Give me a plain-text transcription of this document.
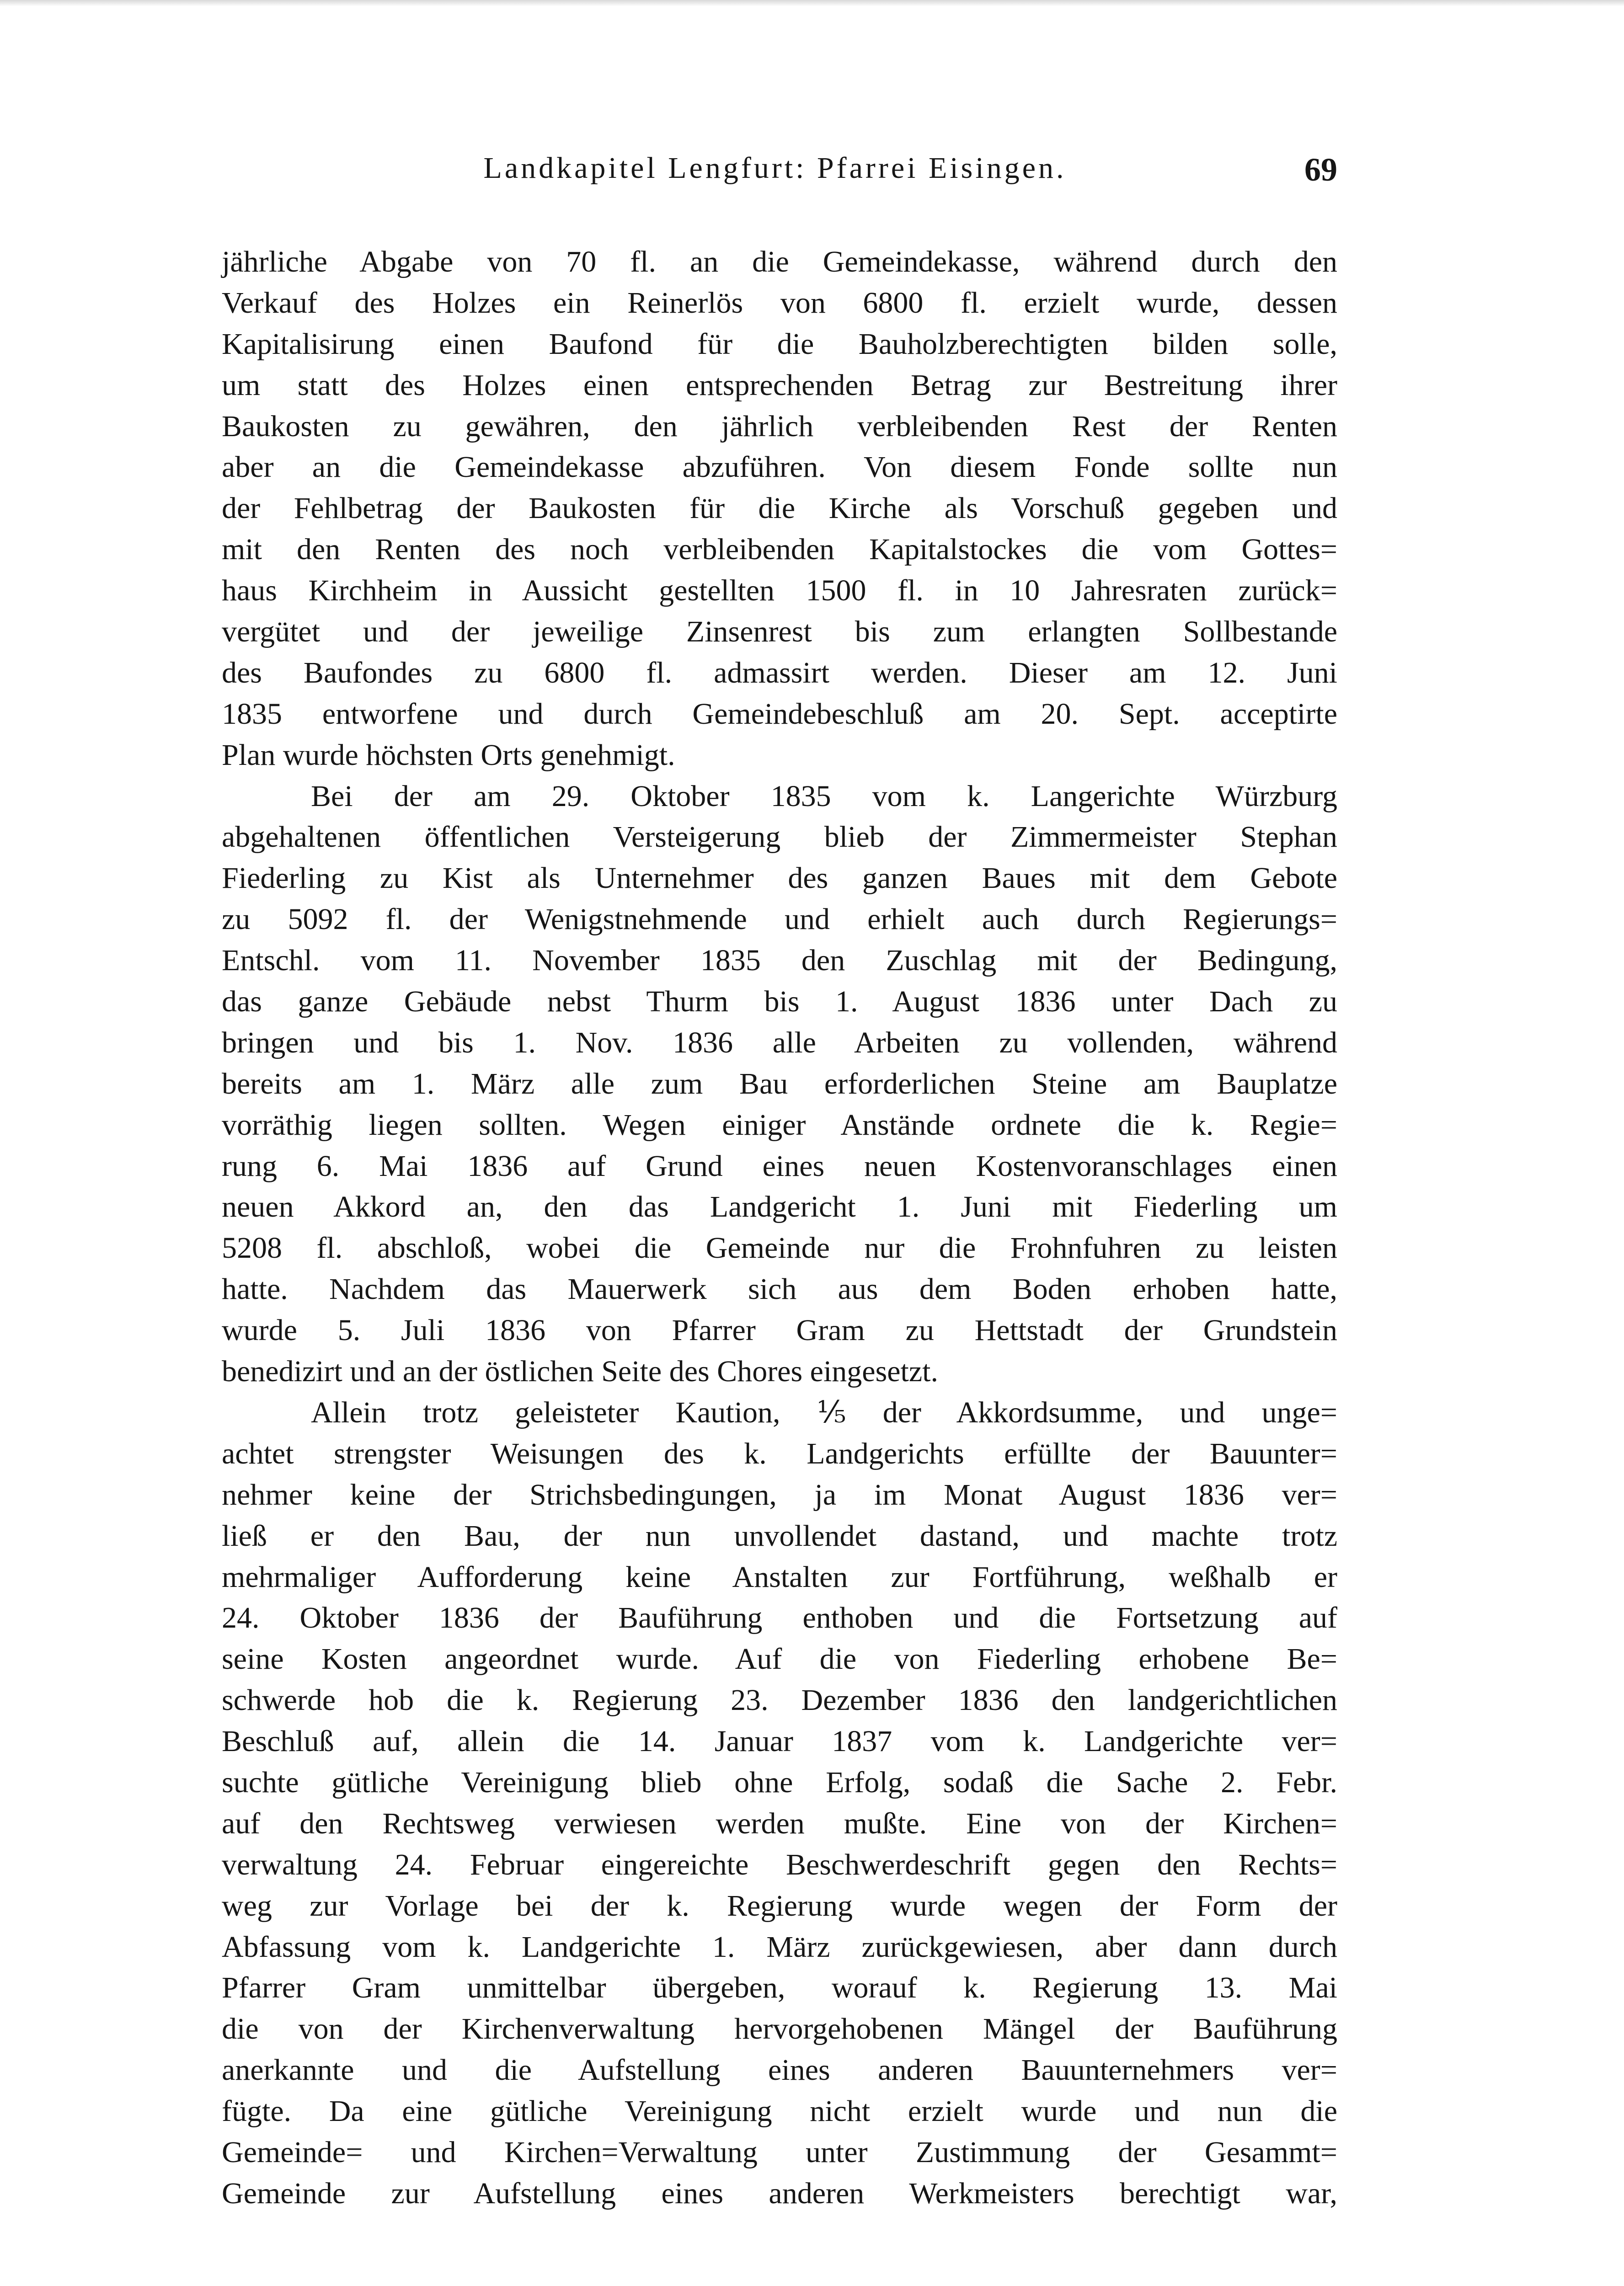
Landkapitel Lengfurt: Pfarrei Eisingen.	69
jährliche Abgabe von 70 fl. an die Gemeindekasse, während durch den
Verkauf des Holzes ein Reinerlös von 6800 fl. erzielt wurde, dessen
Kapitalisirung einen Baufond für die Bauholzberechtigten bilden solle,
um statt des Holzes einen entsprechenden Betrag zur Bestreitung ihrer
Baukosten zu gewähren, den jährlich verbleibenden Rest der Renten
aber an die Gemeindekasse abzuführen. Von diesem Fonde sollte nun
der Fehlbetrag der Baukosten für die Kirche als Vorschuß gegeben und
mit den Renten des noch verbleibenden Kapitalstockes die vom Gottes=
haus Kirchheim in Aussicht gestellten 1500 fl. in 10 Jahresraten zurück=
vergütet und der jeweilige Zinsenrest bis zum erlangten Sollbestande
des Baufondes zu 6800 fl. admassirt werden. Dieser am 12. Juni
1835 entworfene und durch Gemeindebeschluß am 20. Sept. acceptirte
Plan wurde höchsten Orts genehmigt.
Bei der am 29. Oktober 1835 vom k. Langerichte Würzburg
abgehaltenen öffentlichen Versteigerung blieb der Zimmermeister Stephan
Fiederling zu Kist als Unternehmer des ganzen Baues mit dem Gebote
zu 5092 fl. der Wenigstnehmende und erhielt auch durch Regierungs=
Entschl. vom 11. November 1835 den Zuschlag mit der Bedingung,
das ganze Gebäude nebst Thurm bis 1. August 1836 unter Dach zu
bringen und bis 1. Nov. 1836 alle Arbeiten zu vollenden, während
bereits am 1. März alle zum Bau erforderlichen Steine am Bauplatze
vorräthig liegen sollten. Wegen einiger Anstände ordnete die k. Regie=
rung 6. Mai 1836 auf Grund eines neuen Kostenvoranschlages einen
neuen Akkord an, den das Landgericht 1. Juni mit Fiederling um
5208 fl. abschloß, wobei die Gemeinde nur die Frohnfuhren zu leisten
hatte. Nachdem das Mauerwerk sich aus dem Boden erhoben hatte,
wurde 5. Juli 1836 von Pfarrer Gram zu Hettstadt der Grundstein
benedizirt und an der östlichen Seite des Chores eingesetzt.
Allein trotz geleisteter Kaution, ⅕ der Akkordsumme, und unge=
achtet strengster Weisungen des k. Landgerichts erfüllte der Bauunter=
nehmer keine der Strichsbedingungen, ja im Monat August 1836 ver=
ließ er den Bau, der nun unvollendet dastand, und machte trotz
mehrmaliger Aufforderung keine Anstalten zur Fortführung, weßhalb er
24. Oktober 1836 der Bauführung enthoben und die Fortsetzung auf
seine Kosten angeordnet wurde. Auf die von Fiederling erhobene Be=
schwerde hob die k. Regierung 23. Dezember 1836 den landgerichtlichen
Beschluß auf, allein die 14. Januar 1837 vom k. Landgerichte ver=
suchte gütliche Vereinigung blieb ohne Erfolg, sodaß die Sache 2. Febr.
auf den Rechtsweg verwiesen werden mußte. Eine von der Kirchen=
verwaltung 24. Februar eingereichte Beschwerdeschrift gegen den Rechts=
weg zur Vorlage bei der k. Regierung wurde wegen der Form der
Abfassung vom k. Landgerichte 1. März zurückgewiesen, aber dann durch
Pfarrer Gram unmittelbar übergeben, worauf k. Regierung 13. Mai
die von der Kirchenverwaltung hervorgehobenen Mängel der Bauführung
anerkannte und die Aufstellung eines anderen Bauunternehmers ver=
fügte. Da eine gütliche Vereinigung nicht erzielt wurde und nun die
Gemeinde= und Kirchen=Verwaltung unter Zustimmung der Gesammt=
Gemeinde zur Aufstellung eines anderen Werkmeisters berechtigt war,
